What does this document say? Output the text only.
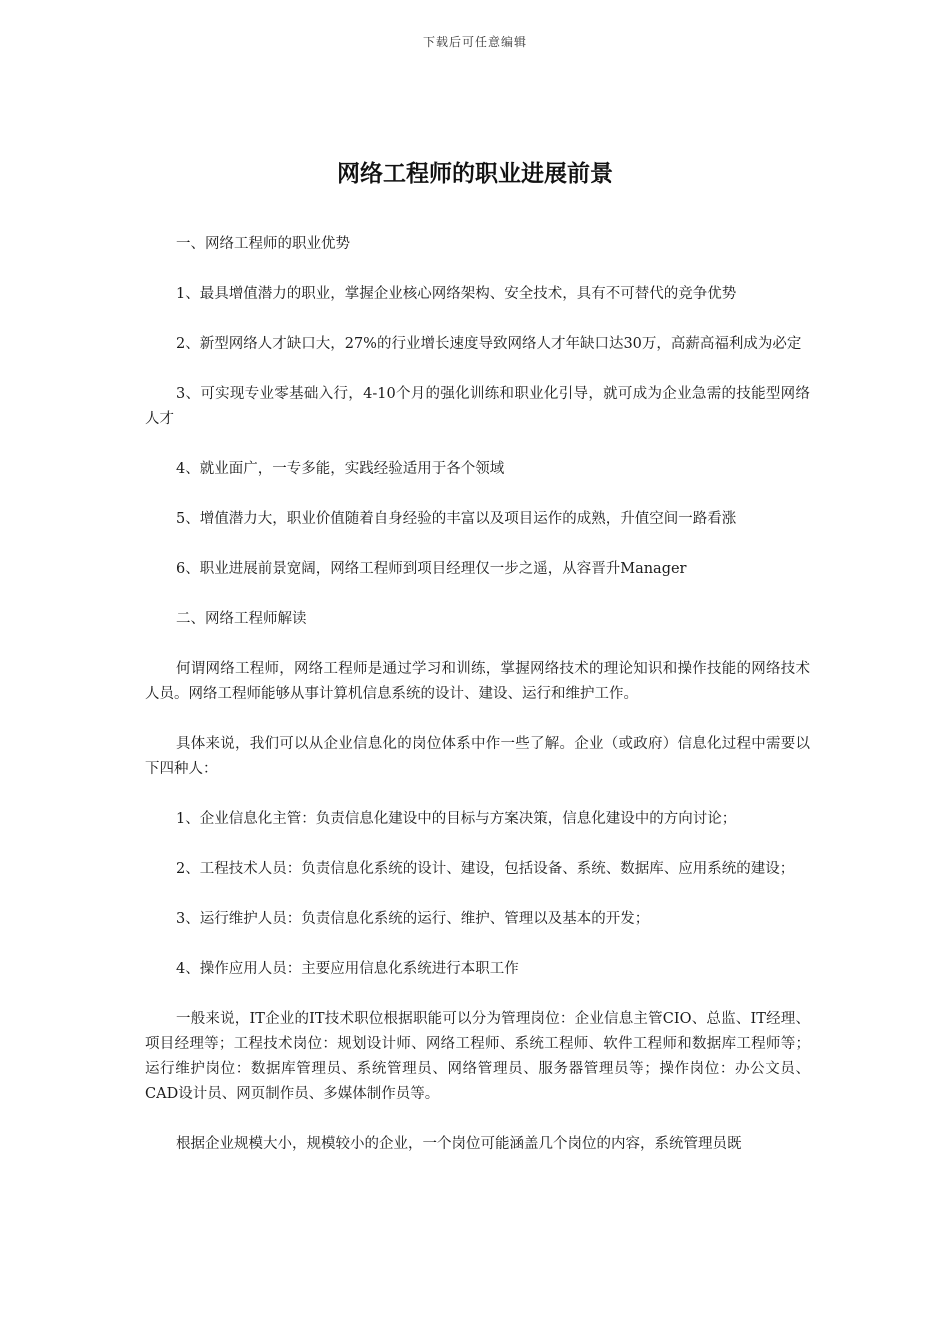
下载后可任意编辑
网络工程师的职业进展前景

一、网络工程师的职业优势

1、最具增值潜力的职业，掌握企业核心网络架构、安全技术，具有不可替代的竞争优势

2、新型网络人才缺口大，27%的行业增长速度导致网络人才年缺口达30万，高薪高福利成为必定

3、可实现专业零基础入行，4-10个月的强化训练和职业化引导，就可成为企业急需的技能型网络人才

4、就业面广，一专多能，实践经验适用于各个领域

5、增值潜力大，职业价值随着自身经验的丰富以及项目运作的成熟，升值空间一路看涨

6、职业进展前景宽阔，网络工程师到项目经理仅一步之遥，从容晋升Manager

二、网络工程师解读

何谓网络工程师，网络工程师是通过学习和训练，掌握网络技术的理论知识和操作技能的网络技术人员。网络工程师能够从事计算机信息系统的设计、建设、运行和维护工作。

具体来说，我们可以从企业信息化的岗位体系中作一些了解。企业（或政府）信息化过程中需要以下四种人：

1、企业信息化主管：负责信息化建设中的目标与方案决策，信息化建设中的方向讨论；

2、工程技术人员：负责信息化系统的设计、建设，包括设备、系统、数据库、应用系统的建设；

3、运行维护人员：负责信息化系统的运行、维护、管理以及基本的开发；

4、操作应用人员：主要应用信息化系统进行本职工作

一般来说，IT企业的IT技术职位根据职能可以分为管理岗位：企业信息主管CIO、总监、IT经理、项目经理等；工程技术岗位：规划设计师、网络工程师、系统工程师、软件工程师和数据库工程师等；运行维护岗位：数据库管理员、系统管理员、网络管理员、服务器管理员等；操作岗位：办公文员、CAD设计员、网页制作员、多媒体制作员等。

根据企业规模大小，规模较小的企业，一个岗位可能涵盖几个岗位的内容，系统管理员既
